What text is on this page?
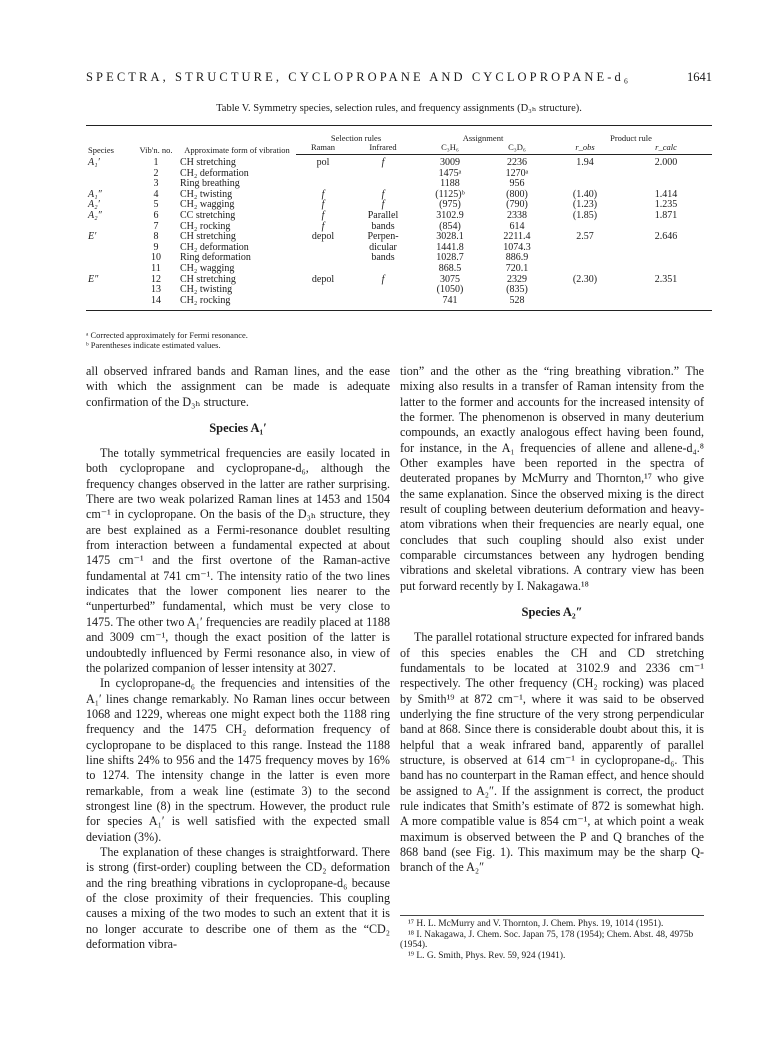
SPECTRA, STRUCTURE, CYCLOPROPANE AND CYCLOPROPANE-d₆	1641
Table V. Symmetry species, selection rules, and frequency assignments (D₃ₕ structure).

Species	Vib'n. no.	Approximate form of vibration	Selection rules		Assignment		Product rule	
			Raman	Infrared	C₃H₆	C₃D₆	r_obs	r_calc
A₁′	1	CH stretching	pol	f	3009	2236	1.94	2.000
	2	CH₂ deformation			1475ᵃ	1270ᵃ		
	3	Ring breathing			1188	956		
A₁″	4	CH₂ twisting	f	f	(1125)ᵇ	(800)	(1.40)	1.414
A₂′	5	CH₂ wagging	f	f	(975)	(790)	(1.23)	1.235
A₂″	6	CC stretching	f	Parallel	3102.9	2338	(1.85)	1.871
	7	CH₂ rocking	f	bands	(854)	614		
E′	8	CH stretching	depol	Perpen-	3028.1	2211.4	2.57	2.646
	9	CH₂ deformation		dicular	1441.8	1074.3		
	10	Ring deformation		bands	1028.7	886.9		
	11	CH₂ wagging			868.5	720.1		
E″	12	CH stretching	depol	f	3075	2329	(2.30)	2.351
	13	CH₂ twisting			(1050)	(835)		
	14	CH₂ rocking			741	528		
ᵃ Corrected approximately for Fermi resonance.
ᵇ Parentheses indicate estimated values.

all observed infrared bands and Raman lines, and the ease with which the assignment can be made is adequate confirmation of the D₃ₕ structure.

Species A₁′

The totally symmetrical frequencies are easily located in both cyclopropane and cyclopropane-d₆, although the frequency changes observed in the latter are rather surprising. There are two weak polarized Raman lines at 1453 and 1504 cm⁻¹ in cyclopropane. On the basis of the D₃ₕ structure, they are best explained as a Fermi-resonance doublet resulting from interaction between a fundamental expected at about 1475 cm⁻¹ and the first overtone of the Raman-active fundamental at 741 cm⁻¹. The intensity ratio of the two lines indicates that the lower component lies nearer to the “unperturbed” fundamental, which must be very close to 1475. The other two A₁′ frequencies are readily placed at 1188 and 3009 cm⁻¹, though the exact position of the latter is undoubtedly influenced by Fermi resonance also, in view of the polarized companion of lesser intensity at 3027.

In cyclopropane-d₆ the frequencies and intensities of the A₁′ lines change remarkably. No Raman lines occur between 1068 and 1229, whereas one might expect both the 1188 ring frequency and the 1475 CH₂ deformation frequency of cyclopropane to be displaced to this range. Instead the 1188 line shifts 24% to 956 and the 1475 frequency moves by 16% to 1274. The intensity change in the latter is even more remarkable, from a weak line (estimate 3) to the second strongest line (8) in the spectrum. However, the product rule for species A₁′ is well satisfied with the expected small deviation (3%).

The explanation of these changes is straightforward. There is strong (first-order) coupling between the CD₂ deformation and the ring breathing vibrations in cyclopropane-d₆ because of the close proximity of their frequencies. This coupling causes a mixing of the two modes to such an extent that it is no longer accurate to describe one of them as the “CD₂ deformation vibra-

tion” and the other as the “ring breathing vibration.” The mixing also results in a transfer of Raman intensity from the latter to the former and accounts for the increased intensity of the former. The phenomenon is observed in many deuterium compounds, an exactly analogous effect having been found, for instance, in the A₁ frequencies of allene and allene-d₄.⁸ Other examples have been reported in the spectra of deuterated propanes by McMurry and Thornton,¹⁷ who give the same explanation. Since the observed mixing is the direct result of coupling between deuterium deformation and heavy-atom vibrations when their frequencies are nearly equal, one concludes that such coupling should also exist under comparable circumstances between any hydrogen bending vibrations and skeletal vibrations. A contrary view has been put forward recently by I. Nakagawa.¹⁸

Species A₂″

The parallel rotational structure expected for infrared bands of this species enables the CH and CD stretching fundamentals to be located at 3102.9 and 2336 cm⁻¹ respectively. The other frequency (CH₂ rocking) was placed by Smith¹⁹ at 872 cm⁻¹, where it was said to be observed underlying the fine structure of the very strong perpendicular band at 868. Since there is considerable doubt about this, it is helpful that a weak infrared band, apparently of parallel structure, is observed at 614 cm⁻¹ in cyclopropane-d₆. This band has no counterpart in the Raman effect, and hence should be assigned to A₂″. If the assignment is correct, the product rule indicates that Smith’s estimate of 872 is somewhat high. A more compatible value is 854 cm⁻¹, at which point a weak maximum is observed between the P and Q branches of the 868 band (see Fig. 1). This maximum may be the sharp Q-branch of the A₂″

¹⁷ H. L. McMurry and V. Thornton, J. Chem. Phys. 19, 1014 (1951).
¹⁸ I. Nakagawa, J. Chem. Soc. Japan 75, 178 (1954); Chem. Abst. 48, 4975b (1954).
¹⁹ L. G. Smith, Phys. Rev. 59, 924 (1941).
